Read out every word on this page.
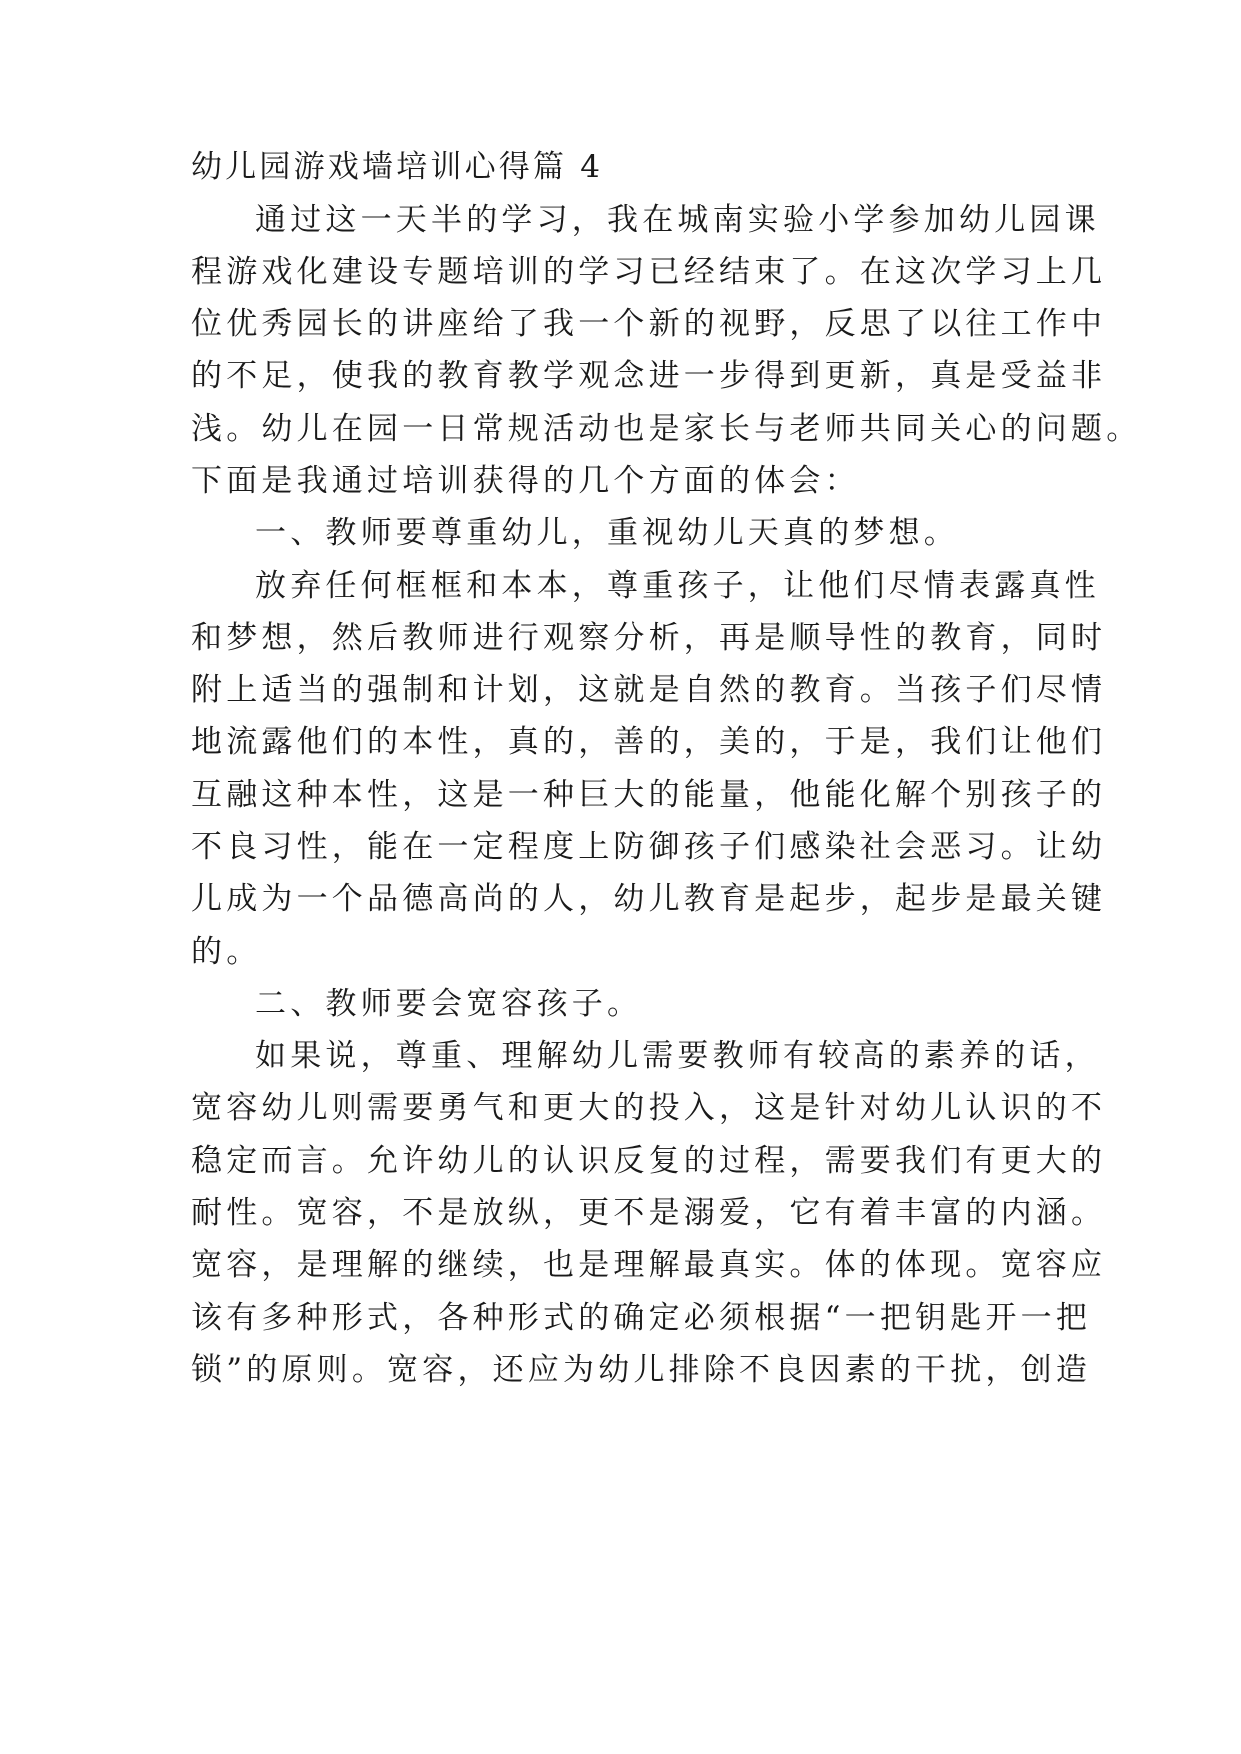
幼儿园游戏墙培训心得篇 4
通过这一天半的学习，我在城南实验小学参加幼儿园课
程游戏化建设专题培训的学习已经结束了。在这次学习上几
位优秀园长的讲座给了我一个新的视野，反思了以往工作中
的不足，使我的教育教学观念进一步得到更新，真是受益非
浅。幼儿在园一日常规活动也是家长与老师共同关心的问题。
下面是我通过培训获得的几个方面的体会：
一、教师要尊重幼儿，重视幼儿天真的梦想。
放弃任何框框和本本，尊重孩子，让他们尽情表露真性
和梦想，然后教师进行观察分析，再是顺导性的教育，同时
附上适当的强制和计划，这就是自然的教育。当孩子们尽情
地流露他们的本性，真的，善的，美的，于是，我们让他们
互融这种本性，这是一种巨大的能量，他能化解个别孩子的
不良习性，能在一定程度上防御孩子们感染社会恶习。让幼
儿成为一个品德高尚的人，幼儿教育是起步，起步是最关键
的。
二、教师要会宽容孩子。
如果说，尊重、理解幼儿需要教师有较高的素养的话，
宽容幼儿则需要勇气和更大的投入，这是针对幼儿认识的不
稳定而言。允许幼儿的认识反复的过程，需要我们有更大的
耐性。宽容，不是放纵，更不是溺爱，它有着丰富的内涵。
宽容，是理解的继续，也是理解最真实。体的体现。宽容应
该有多种形式，各种形式的确定必须根据“一把钥匙开一把
锁”的原则。宽容，还应为幼儿排除不良因素的干扰，创造
